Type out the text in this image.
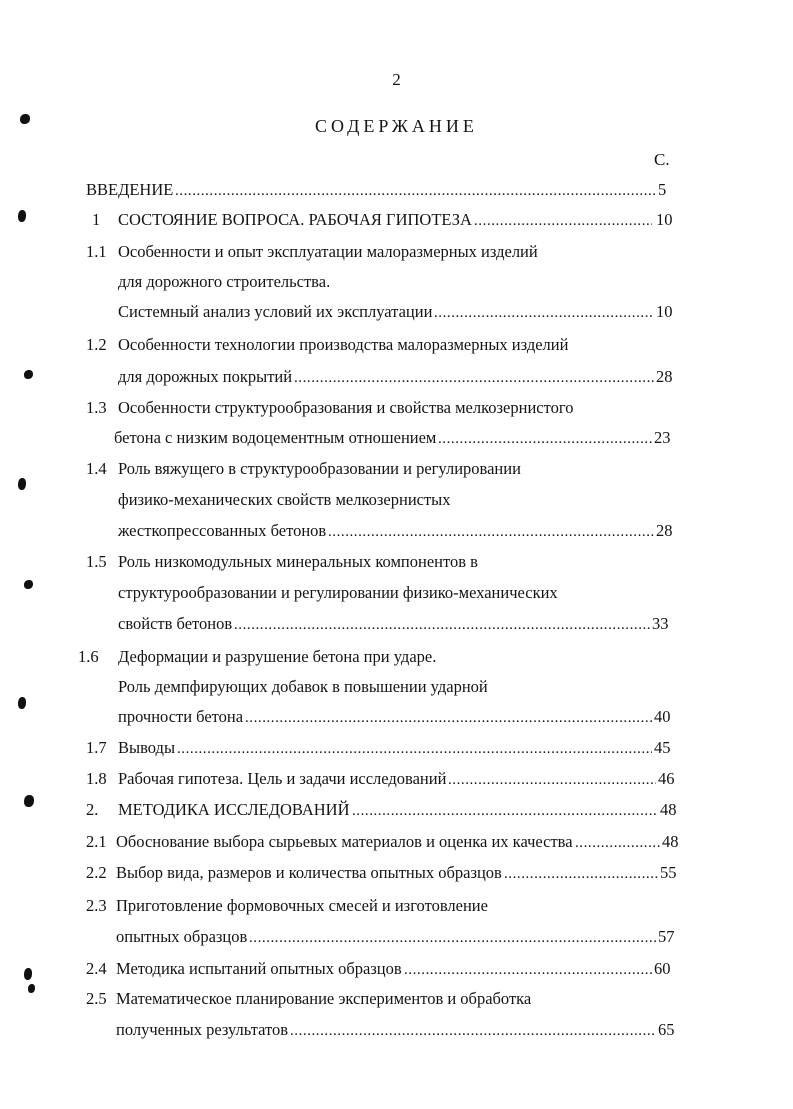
2
СОДЕРЖАНИЕ
С.
ВВЕДЕНИЕ . . .	5
1 СОСТОЯНИЕ ВОПРОСА. РАБОЧАЯ ГИПОТЕЗА . . .	10
1.1 Особенности и опыт эксплуатации малоразмерных изделий
для дорожного строительства.
Системный анализ условий их эксплуатации . . .	10
1.2 Особенности технологии производства малоразмерных изделий
для дорожных покрытий . . .	28
1.3 Особенности структурообразования и свойства мелкозернистого
бетона с низким водоцементным отношением . . .	23
1.4 Роль вяжущего в структурообразовании и регулировании
физико-механических свойств мелкозернистых
жесткопрессованных бетонов . . .	28
1.5 Роль низкомодульных минеральных компонентов в
структурообразовании и регулировании физико-механических
свойств бетонов . . .	33
1.6 Деформации и разрушение бетона при ударе.
Роль демпфирующих добавок в повышении ударной
прочности бетона . . .	40
1.7 Выводы . . .	45
1.8 Рабочая гипотеза. Цель и задачи исследований . . .	46
2. МЕТОДИКА ИССЛЕДОВАНИЙ . . .	48
2.1 Обоснование выбора сырьевых материалов и оценка их качества . . .	48
2.2 Выбор вида, размеров и количества опытных образцов . . .	55
2.3 Приготовление формовочных смесей и изготовление
опытных образцов . . .	57
2.4 Методика испытаний опытных образцов . . .	60
2.5 Математическое планирование экспериментов и обработка
полученных результатов . . .	65
